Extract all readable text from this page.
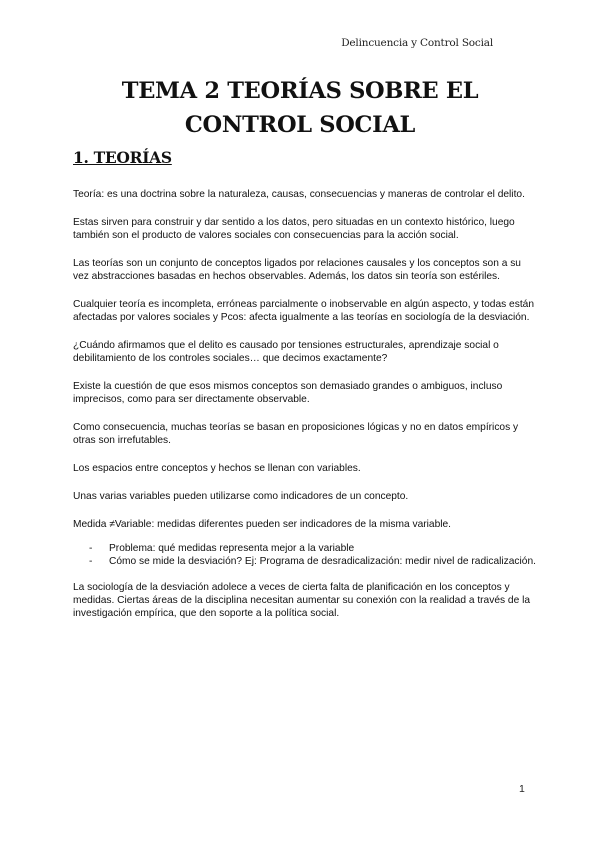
Delincuencia y Control Social
TEMA 2 TEORÍAS SOBRE EL CONTROL SOCIAL
1. TEORÍAS

Teoría: es una doctrina sobre la naturaleza, causas, consecuencias y maneras de controlar el delito.

Estas sirven para construir y dar sentido a los datos, pero situadas en un contexto histórico, luego también son el producto de valores sociales con consecuencias para la acción social.

Las teorías son un conjunto de conceptos ligados por relaciones causales y los conceptos son a su vez abstracciones basadas en hechos observables. Además, los datos sin teoría son estériles.

Cualquier teoría es incompleta, erróneas parcialmente o inobservable en algún aspecto, y todas están afectadas por valores sociales y Pcos: afecta igualmente a las teorías en sociología de la desviación.

¿Cuándo afirmamos que el delito es causado por tensiones estructurales, aprendizaje social o debilitamiento de los controles sociales… que decimos exactamente?

Existe la cuestión de que esos mismos conceptos son demasiado grandes o ambiguos, incluso imprecisos, como para ser directamente observable.

Como consecuencia, muchas teorías se basan en proposiciones lógicas y no en datos empíricos y otras son irrefutables.

Los espacios entre conceptos y hechos se llenan con variables.

Unas varias variables pueden utilizarse como indicadores de un concepto.

Medida ≠Variable: medidas diferentes pueden ser indicadores de la misma variable.

- Problema: qué medidas representa mejor a la variable
- Cómo se mide la desviación? Ej: Programa de desradicalización: medir nivel de radicalización.

La sociología de la desviación adolece a veces de cierta falta de planificación en los conceptos y medidas. Ciertas áreas de la disciplina necesitan aumentar su conexión con la realidad a través de la investigación empírica, que den soporte a la política social.

1
